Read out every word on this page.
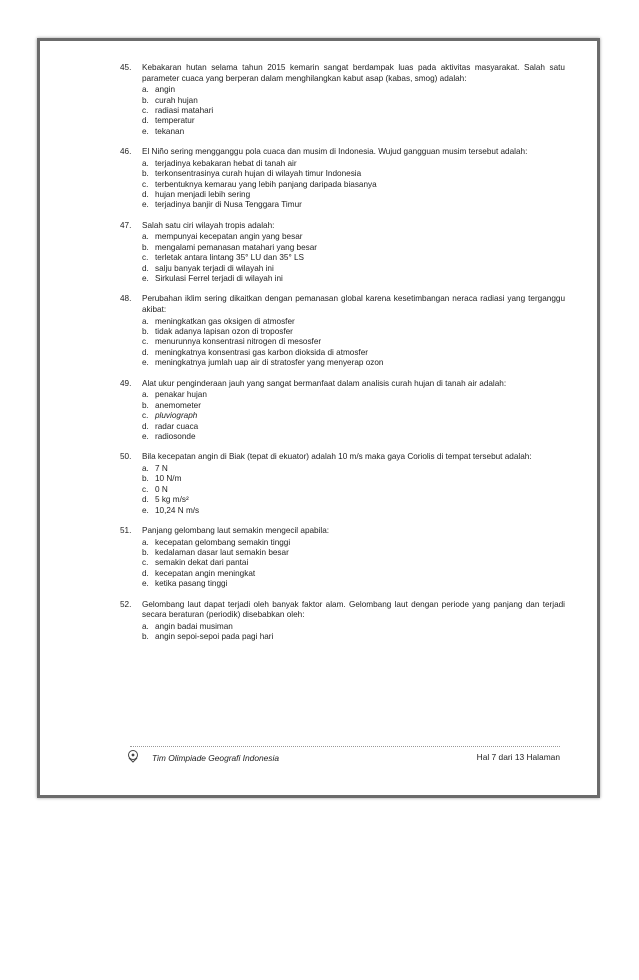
45.	Kebakaran hutan selama tahun 2015 kemarin sangat berdampak luas pada aktivitas masyarakat. Salah satu parameter cuaca yang berperan dalam menghilangkan kabut asap (kabas, smog) adalah:
a. angin
b. curah hujan
c. radiasi matahari
d. temperatur
e. tekanan
46.	El Niño sering mengganggu pola cuaca dan musim di Indonesia. Wujud gangguan musim tersebut adalah:
a. terjadinya kebakaran hebat di tanah air
b. terkonsentrasinya curah hujan di wilayah timur Indonesia
c. terbentuknya kemarau yang lebih panjang daripada biasanya
d. hujan menjadi lebih sering
e. terjadinya banjir di Nusa Tenggara Timur
47.	Salah satu ciri wilayah tropis adalah:
a. mempunyai kecepatan angin yang besar
b. mengalami pemanasan matahari yang besar
c. terletak antara lintang 35° LU dan 35° LS
d. salju banyak terjadi di wilayah ini
e. Sirkulasi Ferrel terjadi di wilayah ini
48.	Perubahan iklim sering dikaitkan dengan pemanasan global karena kesetimbangan neraca radiasi yang terganggu akibat:
a. meningkatkan gas oksigen di atmosfer
b. tidak adanya lapisan ozon di troposfer
c. menurunnya konsentrasi nitrogen di mesosfer
d. meningkatnya konsentrasi gas karbon dioksida di atmosfer
e. meningkatnya jumlah uap air di stratosfer yang menyerap ozon
49.	Alat ukur penginderaan jauh yang sangat bermanfaat dalam analisis curah hujan di tanah air adalah:
a. penakar hujan
b. anemometer
c. pluviograph
d. radar cuaca
e. radiosonde
50. Bila kecepatan angin di Biak (tepat di ekuator) adalah 10 m/s maka gaya Coriolis di tempat tersebut adalah:
a. 7 N
b. 10 N/m
c. 0 N
d. 5 kg m/s²
e. 10,24 N m/s
51.	Panjang gelombang laut semakin mengecil apabila:
a. kecepatan gelombang semakin tinggi
b. kedalaman dasar laut semakin besar
c. semakin dekat dari pantai
d. kecepatan angin meningkat
e. ketika pasang tinggi
52.	Gelombang laut dapat terjadi oleh banyak faktor alam. Gelombang laut dengan periode yang panjang dan terjadi secara beraturan (periodik) disebabkan oleh:
a. angin badai musiman
b. angin sepoi-sepoi pada pagi hari
Tim Olimpiade Geografi Indonesia	Hal 7 dari 13 Halaman
